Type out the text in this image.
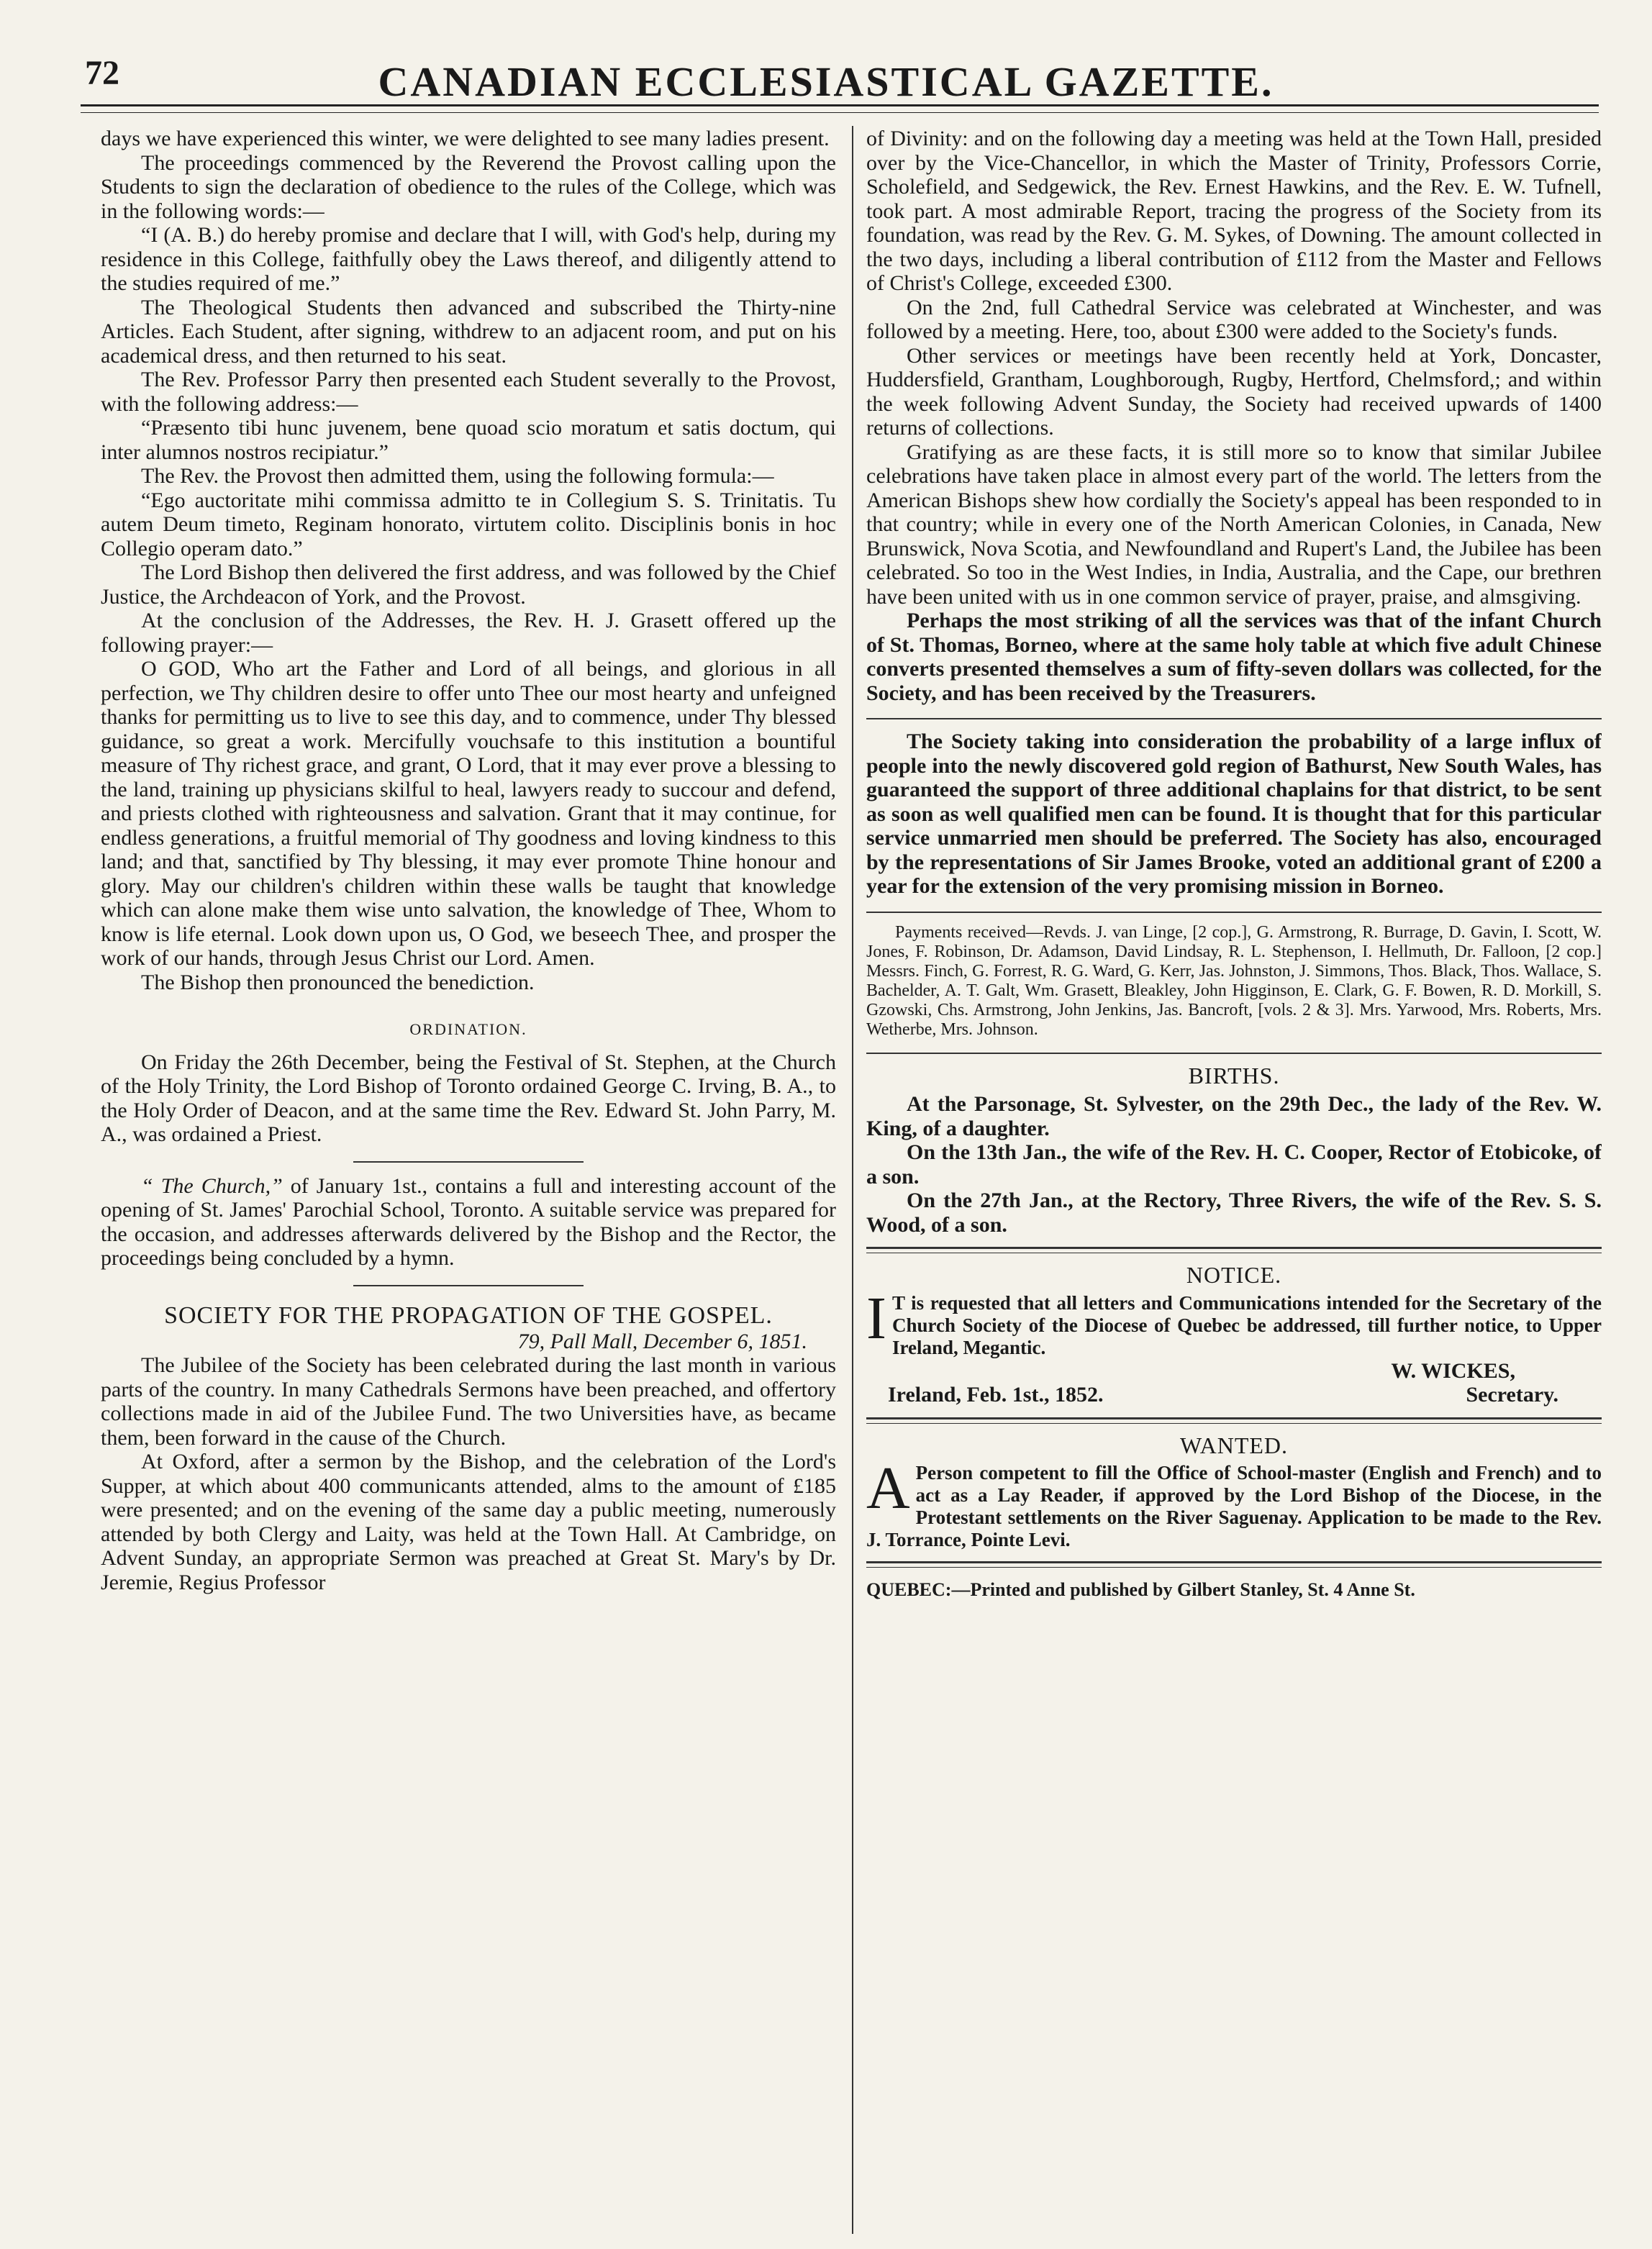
72	CANADIAN ECCLESIASTICAL GAZETTE.

days we have experienced this winter, we were delighted to see many ladies present.

The proceedings commenced by the Reverend the Provost calling upon the Students to sign the declaration of obedience to the rules of the College, which was in the following words:—

“I (A. B.) do hereby promise and declare that I will, with God's help, during my residence in this College, faithfully obey the Laws thereof, and diligently attend to the studies required of me.”

The Theological Students then advanced and subscribed the Thirty-nine Articles. Each Student, after signing, withdrew to an adjacent room, and put on his academical dress, and then returned to his seat.

The Rev. Professor Parry then presented each Student severally to the Provost, with the following address:—

“Præsento tibi hunc juvenem, bene quoad scio moratum et satis doctum, qui inter alumnos nostros recipiatur.”

The Rev. the Provost then admitted them, using the following formula:—

“Ego auctoritate mihi commissa admitto te in Collegium S. S. Trinitatis. Tu autem Deum timeto, Reginam honorato, virtutem colito. Disciplinis bonis in hoc Collegio operam dato.”

The Lord Bishop then delivered the first address, and was followed by the Chief Justice, the Archdeacon of York, and the Provost.

At the conclusion of the Addresses, the Rev. H. J. Grasett offered up the following prayer:—

O GOD, Who art the Father and Lord of all beings, and glorious in all perfection, we Thy children desire to offer unto Thee our most hearty and unfeigned thanks for permitting us to live to see this day, and to commence, under Thy blessed guidance, so great a work. Mercifully vouchsafe to this institution a bountiful measure of Thy richest grace, and grant, O Lord, that it may ever prove a blessing to the land, training up physicians skilful to heal, lawyers ready to succour and defend, and priests clothed with righteousness and salvation. Grant that it may continue, for endless generations, a fruitful memorial of Thy goodness and loving kindness to this land; and that, sanctified by Thy blessing, it may ever promote Thine honour and glory. May our children's children within these walls be taught that knowledge which can alone make them wise unto salvation, the knowledge of Thee, Whom to know is life eternal. Look down upon us, O God, we beseech Thee, and prosper the work of our hands, through Jesus Christ our Lord. Amen.

The Bishop then pronounced the benediction.

ORDINATION.

On Friday the 26th December, being the Festival of St. Stephen, at the Church of the Holy Trinity, the Lord Bishop of Toronto ordained George C. Irving, B. A., to the Holy Order of Deacon, and at the same time the Rev. Edward St. John Parry, M. A., was ordained a Priest.

“ The Church,” of January 1st., contains a full and interesting account of the opening of St. James' Parochial School, Toronto. A suitable service was prepared for the occasion, and addresses afterwards delivered by the Bishop and the Rector, the proceedings being concluded by a hymn.

SOCIETY FOR THE PROPAGATION OF THE GOSPEL.

79, Pall Mall, December 6, 1851.

The Jubilee of the Society has been celebrated during the last month in various parts of the country. In many Cathedrals Sermons have been preached, and offertory collections made in aid of the Jubilee Fund. The two Universities have, as became them, been forward in the cause of the Church.

At Oxford, after a sermon by the Bishop, and the celebration of the Lord's Supper, at which about 400 communicants attended, alms to the amount of £185 were presented; and on the evening of the same day a public meeting, numerously attended by both Clergy and Laity, was held at the Town Hall. At Cambridge, on Advent Sunday, an appropriate Sermon was preached at Great St. Mary's by Dr. Jeremie, Regius Professor

of Divinity: and on the following day a meeting was held at the Town Hall, presided over by the Vice-Chancellor, in which the Master of Trinity, Professors Corrie, Scholefield, and Sedgewick, the Rev. Ernest Hawkins, and the Rev. E. W. Tufnell, took part. A most admirable Report, tracing the progress of the Society from its foundation, was read by the Rev. G. M. Sykes, of Downing. The amount collected in the two days, including a liberal contribution of £112 from the Master and Fellows of Christ's College, exceeded £300.

On the 2nd, full Cathedral Service was celebrated at Winchester, and was followed by a meeting. Here, too, about £300 were added to the Society's funds.

Other services or meetings have been recently held at York, Doncaster, Huddersfield, Grantham, Loughborough, Rugby, Hertford, Chelmsford,; and within the week following Advent Sunday, the Society had received upwards of 1400 returns of collections.

Gratifying as are these facts, it is still more so to know that similar Jubilee celebrations have taken place in almost every part of the world. The letters from the American Bishops shew how cordially the Society's appeal has been responded to in that country; while in every one of the North American Colonies, in Canada, New Brunswick, Nova Scotia, and Newfoundland and Rupert's Land, the Jubilee has been celebrated. So too in the West Indies, in India, Australia, and the Cape, our brethren have been united with us in one common service of prayer, praise, and almsgiving.

Perhaps the most striking of all the services was that of the infant Church of St. Thomas, Borneo, where at the same holy table at which five adult Chinese converts presented themselves a sum of fifty-seven dollars was collected, for the Society, and has been received by the Treasurers.

The Society taking into consideration the probability of a large influx of people into the newly discovered gold region of Bathurst, New South Wales, has guaranteed the support of three additional chaplains for that district, to be sent as soon as well qualified men can be found. It is thought that for this particular service unmarried men should be preferred. The Society has also, encouraged by the representations of Sir James Brooke, voted an additional grant of £200 a year for the extension of the very promising mission in Borneo.

Payments received—Revds. J. van Linge, [2 cop.], G. Armstrong, R. Burrage, D. Gavin, I. Scott, W. Jones, F. Robinson, Dr. Adamson, David Lindsay, R. L. Stephenson, I. Hellmuth, Dr. Falloon, [2 cop.] Messrs. Finch, G. Forrest, R. G. Ward, G. Kerr, Jas. Johnston, J. Simmons, Thos. Black, Thos. Wallace, S. Bachelder, A. T. Galt, Wm. Grasett, Bleakley, John Higginson, E. Clark, G. F. Bowen, R. D. Morkill, S. Gzowski, Chs. Armstrong, John Jenkins, Jas. Bancroft, [vols. 2 & 3]. Mrs. Yarwood, Mrs. Roberts, Mrs. Wetherbe, Mrs. Johnson.

BIRTHS.

At the Parsonage, St. Sylvester, on the 29th Dec., the lady of the Rev. W. King, of a daughter.

On the 13th Jan., the wife of the Rev. H. C. Cooper, Rector of Etobicoke, of a son.

On the 27th Jan., at the Rectory, Three Rivers, the wife of the Rev. S. S. Wood, of a son.

NOTICE.

I T is requested that all letters and Communications intended for the Secretary of the Church Society of the Diocese of Quebec be addressed, till further notice, to Upper Ireland, Megantic.

W. WICKES,

Ireland, Feb. 1st., 1852.	Secretary.
WANTED.

A Person competent to fill the Office of School-master (English and French) and to act as a Lay Reader, if approved by the Lord Bishop of the Diocese, in the Protestant settlements on the River Saguenay. Application to be made to the Rev. J. Torrance, Pointe Levi.

QUEBEC:—Printed and published by Gilbert Stanley, St. 4 Anne St.
